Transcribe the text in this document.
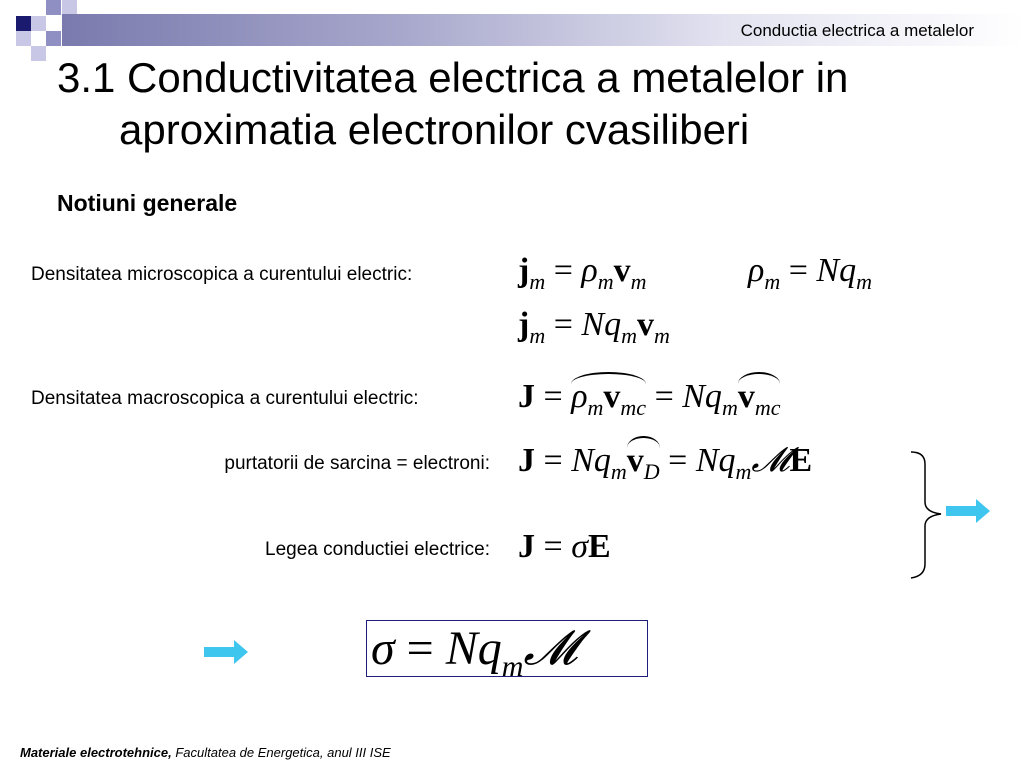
Conductia electrica a metalelor
3.1 Conductivitatea electrica a metalelor in
aproximatia electronilor cvasiliberi
Notiuni generale
Densitatea microscopica a curentului electric:
Densitatea macroscopica a curentului electric:
purtatorii de sarcina = electroni:
Legea conductiei electrice:
$j_m = \rho_mv_m$	$\rho_m = Nq_m$
$j_m = Nq_mv_m$
$J = \rho_mv_{mc} = Nq_mv_{mc}$
$J = Nq_mv_D$ = $Nq_m𝓜E$
J = σE
$\sigma = Nq_m𝓜$
Materiale electrotehnice, Facultatea de Energetica, anul III ISE
